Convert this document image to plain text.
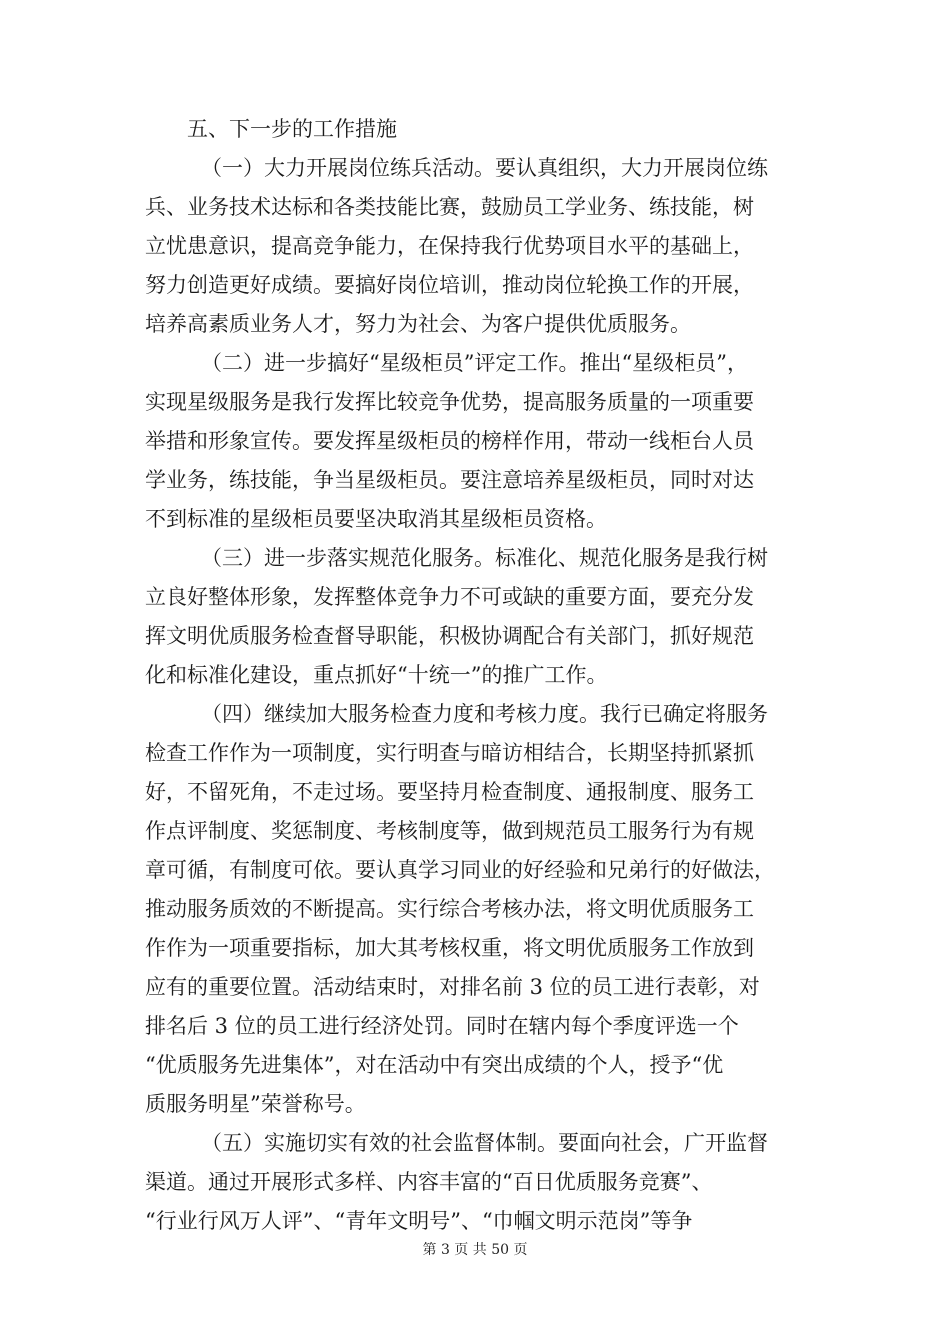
五、下一步的工作措施
（一）大力开展岗位练兵活动。要认真组织，大力开展岗位练
兵、业务技术达标和各类技能比赛，鼓励员工学业务、练技能，树
立忧患意识，提高竞争能力，在保持我行优势项目水平的基础上，
努力创造更好成绩。要搞好岗位培训，推动岗位轮换工作的开展，
培养高素质业务人才，努力为社会、为客户提供优质服务。
（二）进一步搞好“星级柜员”评定工作。推出“星级柜员”，
实现星级服务是我行发挥比较竞争优势，提高服务质量的一项重要
举措和形象宣传。要发挥星级柜员的榜样作用，带动一线柜台人员
学业务，练技能，争当星级柜员。要注意培养星级柜员，同时对达
不到标准的星级柜员要坚决取消其星级柜员资格。
（三）进一步落实规范化服务。标准化、规范化服务是我行树
立良好整体形象，发挥整体竞争力不可或缺的重要方面，要充分发
挥文明优质服务检查督导职能，积极协调配合有关部门，抓好规范
化和标准化建设，重点抓好“十统一”的推广工作。
（四）继续加大服务检查力度和考核力度。我行已确定将服务
检查工作作为一项制度，实行明查与暗访相结合，长期坚持抓紧抓
好，不留死角，不走过场。要坚持月检查制度、通报制度、服务工
作点评制度、奖惩制度、考核制度等，做到规范员工服务行为有规
章可循，有制度可依。要认真学习同业的好经验和兄弟行的好做法，
推动服务质效的不断提高。实行综合考核办法，将文明优质服务工
作作为一项重要指标，加大其考核权重，将文明优质服务工作放到
应有的重要位置。活动结束时，对排名前 3 位的员工进行表彰，对
排名后 3 位的员工进行经济处罚。同时在辖内每个季度评选一个
“优质服务先进集体”，对在活动中有突出成绩的个人，授予“优
质服务明星”荣誉称号。
（五）实施切实有效的社会监督体制。要面向社会，广开监督
渠道。通过开展形式多样、内容丰富的“百日优质服务竞赛”、
“行业行风万人评”、“青年文明号”、“巾帼文明示范岗”等争
第 3 页 共 50 页
